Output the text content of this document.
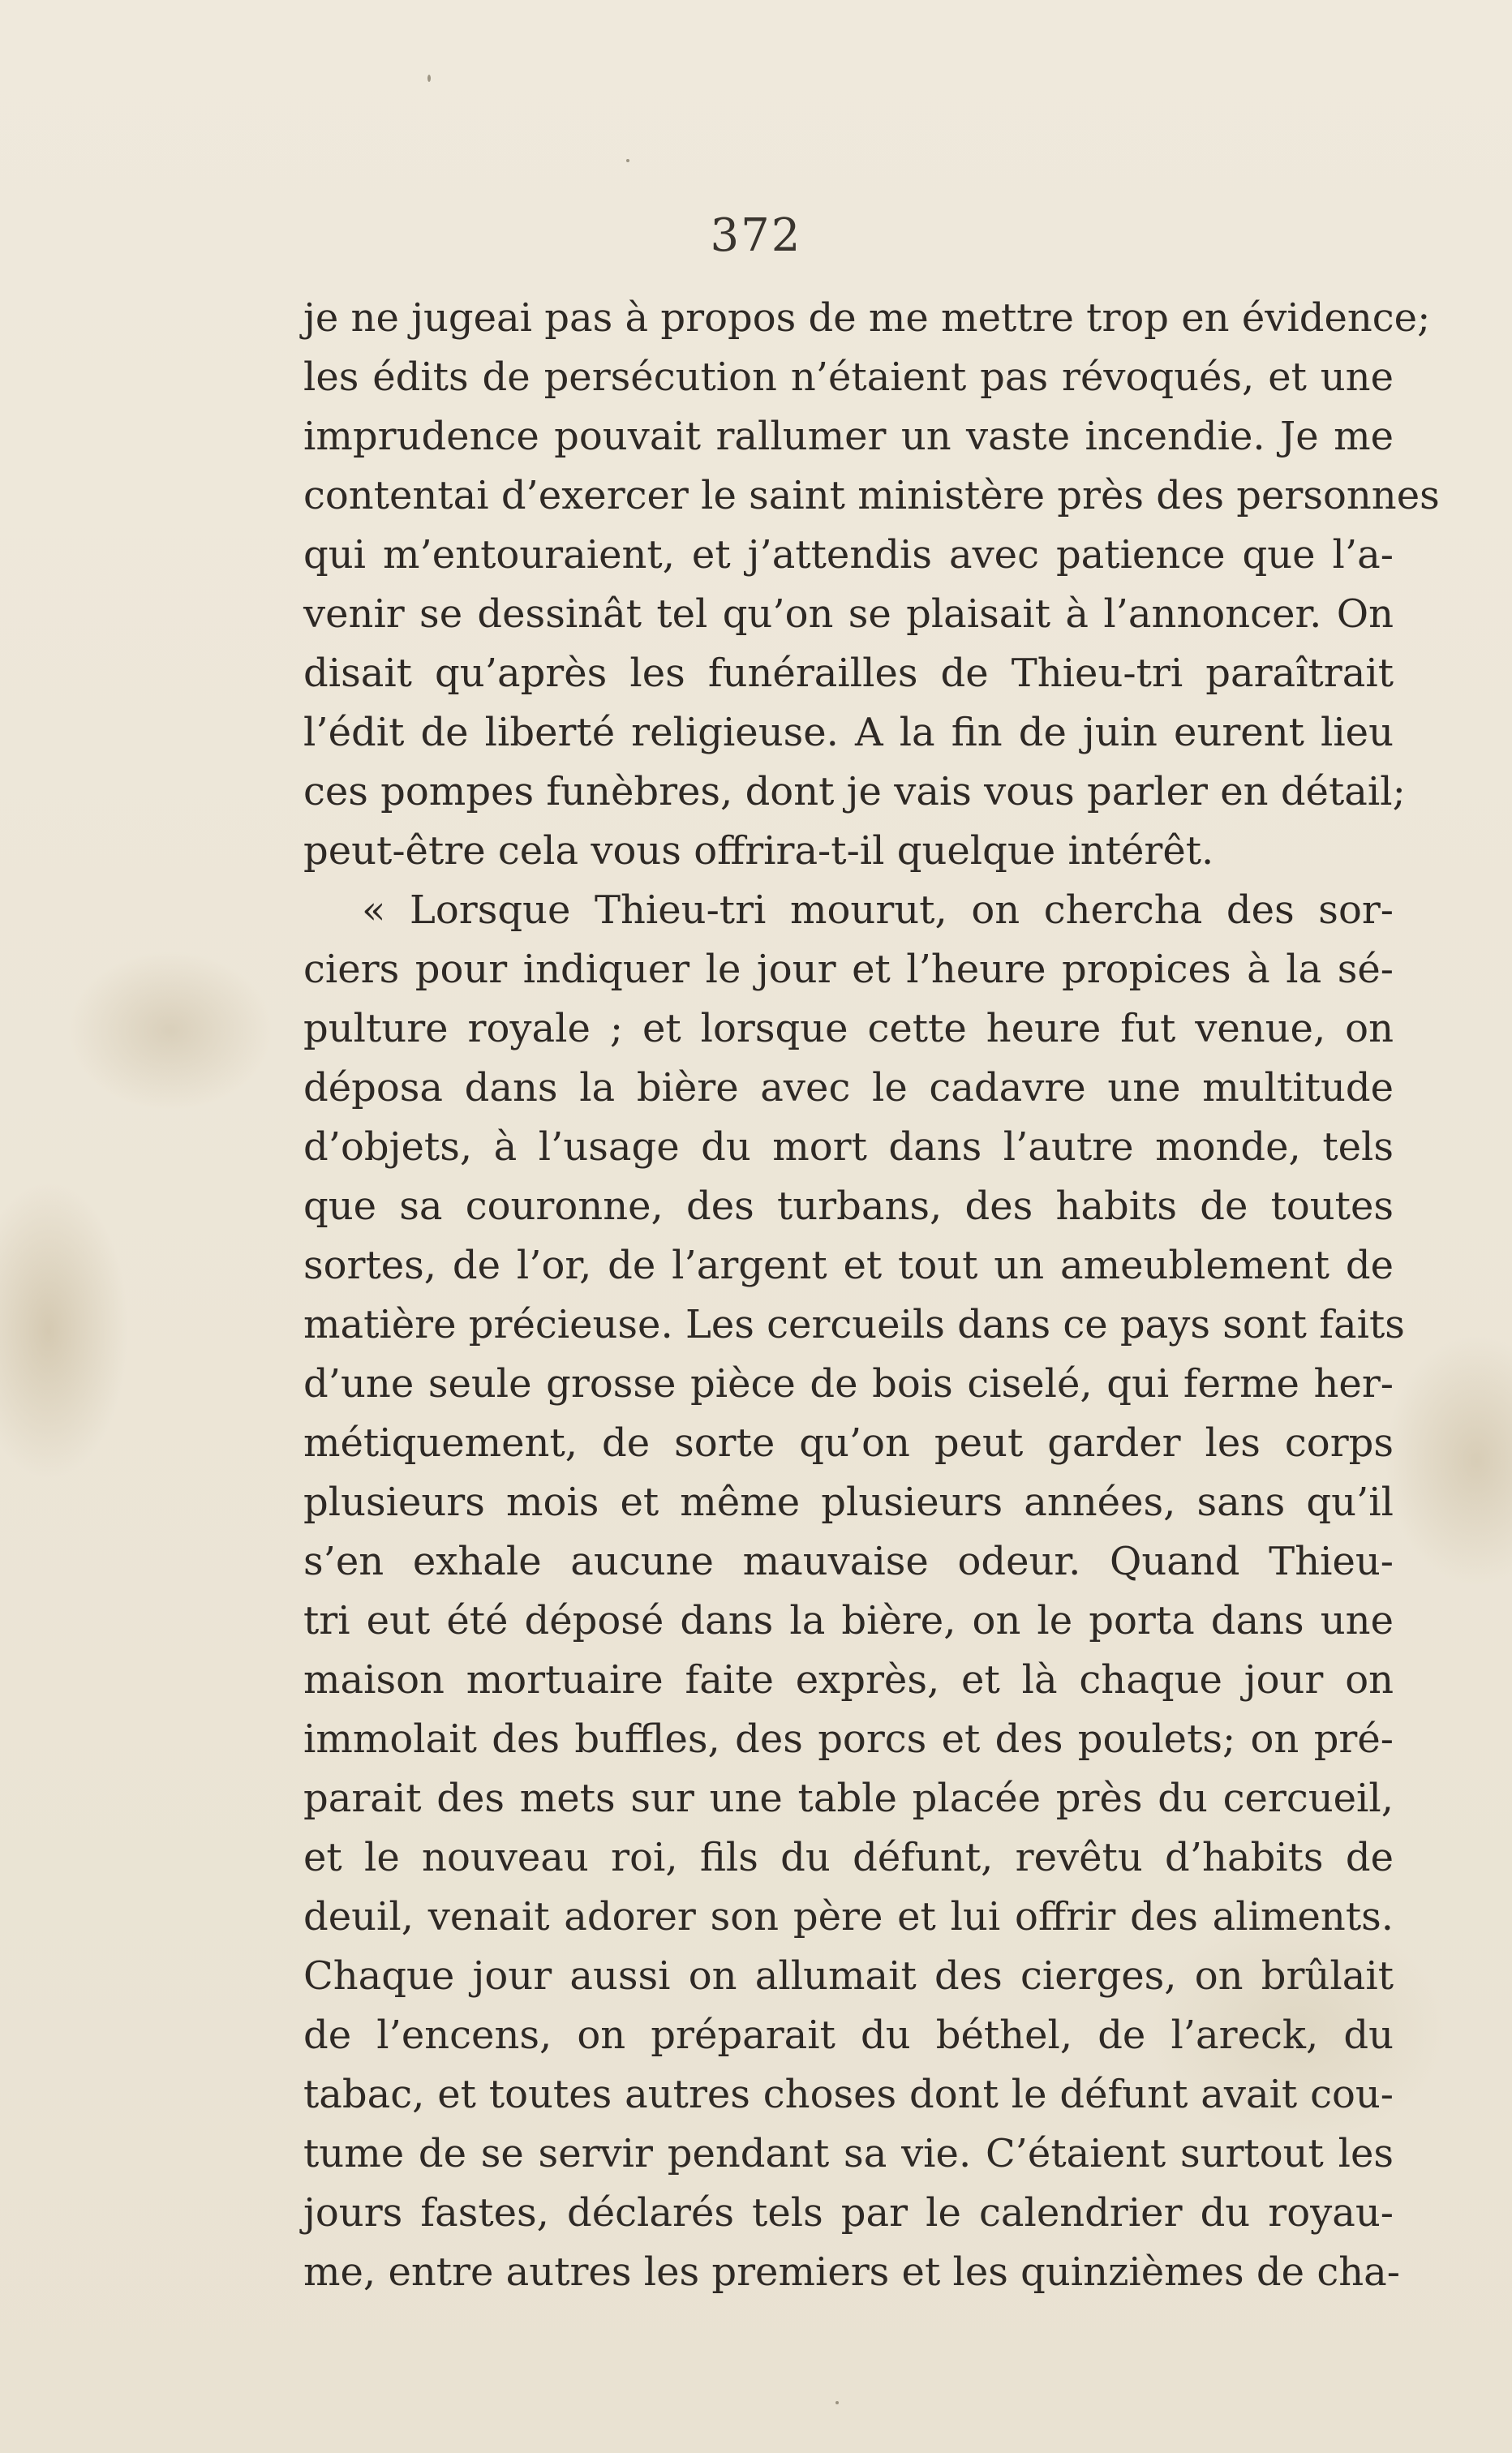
372
je ne jugeai pas à propos de me mettre trop en évidence;
les édits de persécution n’étaient pas révoqués, et une
imprudence pouvait rallumer un vaste incendie. Je me
contentai d’exercer le saint ministère près des personnes
qui m’entouraient, et j’attendis avec patience que l’a-
venir se dessinât tel qu’on se plaisait à l’annoncer. On
disait qu’après les funérailles de Thieu-tri paraîtrait
l’édit de liberté religieuse. A la fin de juin eurent lieu
ces pompes funèbres, dont je vais vous parler en détail;
peut-être cela vous offrira-t-il quelque intérêt.
« Lorsque Thieu-tri mourut, on chercha des sor-
ciers pour indiquer le jour et l’heure propices à la sé-
pulture royale ; et lorsque cette heure fut venue, on
déposa dans la bière avec le cadavre une multitude
d’objets, à l’usage du mort dans l’autre monde, tels
que sa couronne, des turbans, des habits de toutes
sortes, de l’or, de l’argent et tout un ameublement de
matière précieuse. Les cercueils dans ce pays sont faits
d’une seule grosse pièce de bois ciselé, qui ferme her-
métiquement, de sorte qu’on peut garder les corps
plusieurs mois et même plusieurs années, sans qu’il
s’en exhale aucune mauvaise odeur. Quand Thieu-
tri eut été déposé dans la bière, on le porta dans une
maison mortuaire faite exprès, et là chaque jour on
immolait des buffles, des porcs et des poulets; on pré-
parait des mets sur une table placée près du cercueil,
et le nouveau roi, fils du défunt, revêtu d’habits de
deuil, venait adorer son père et lui offrir des aliments.
Chaque jour aussi on allumait des cierges, on brûlait
de l’encens, on préparait du béthel, de l’areck, du
tabac, et toutes autres choses dont le défunt avait cou-
tume de se servir pendant sa vie. C’étaient surtout les
jours fastes, déclarés tels par le calendrier du royau-
me, entre autres les premiers et les quinzièmes de cha-
